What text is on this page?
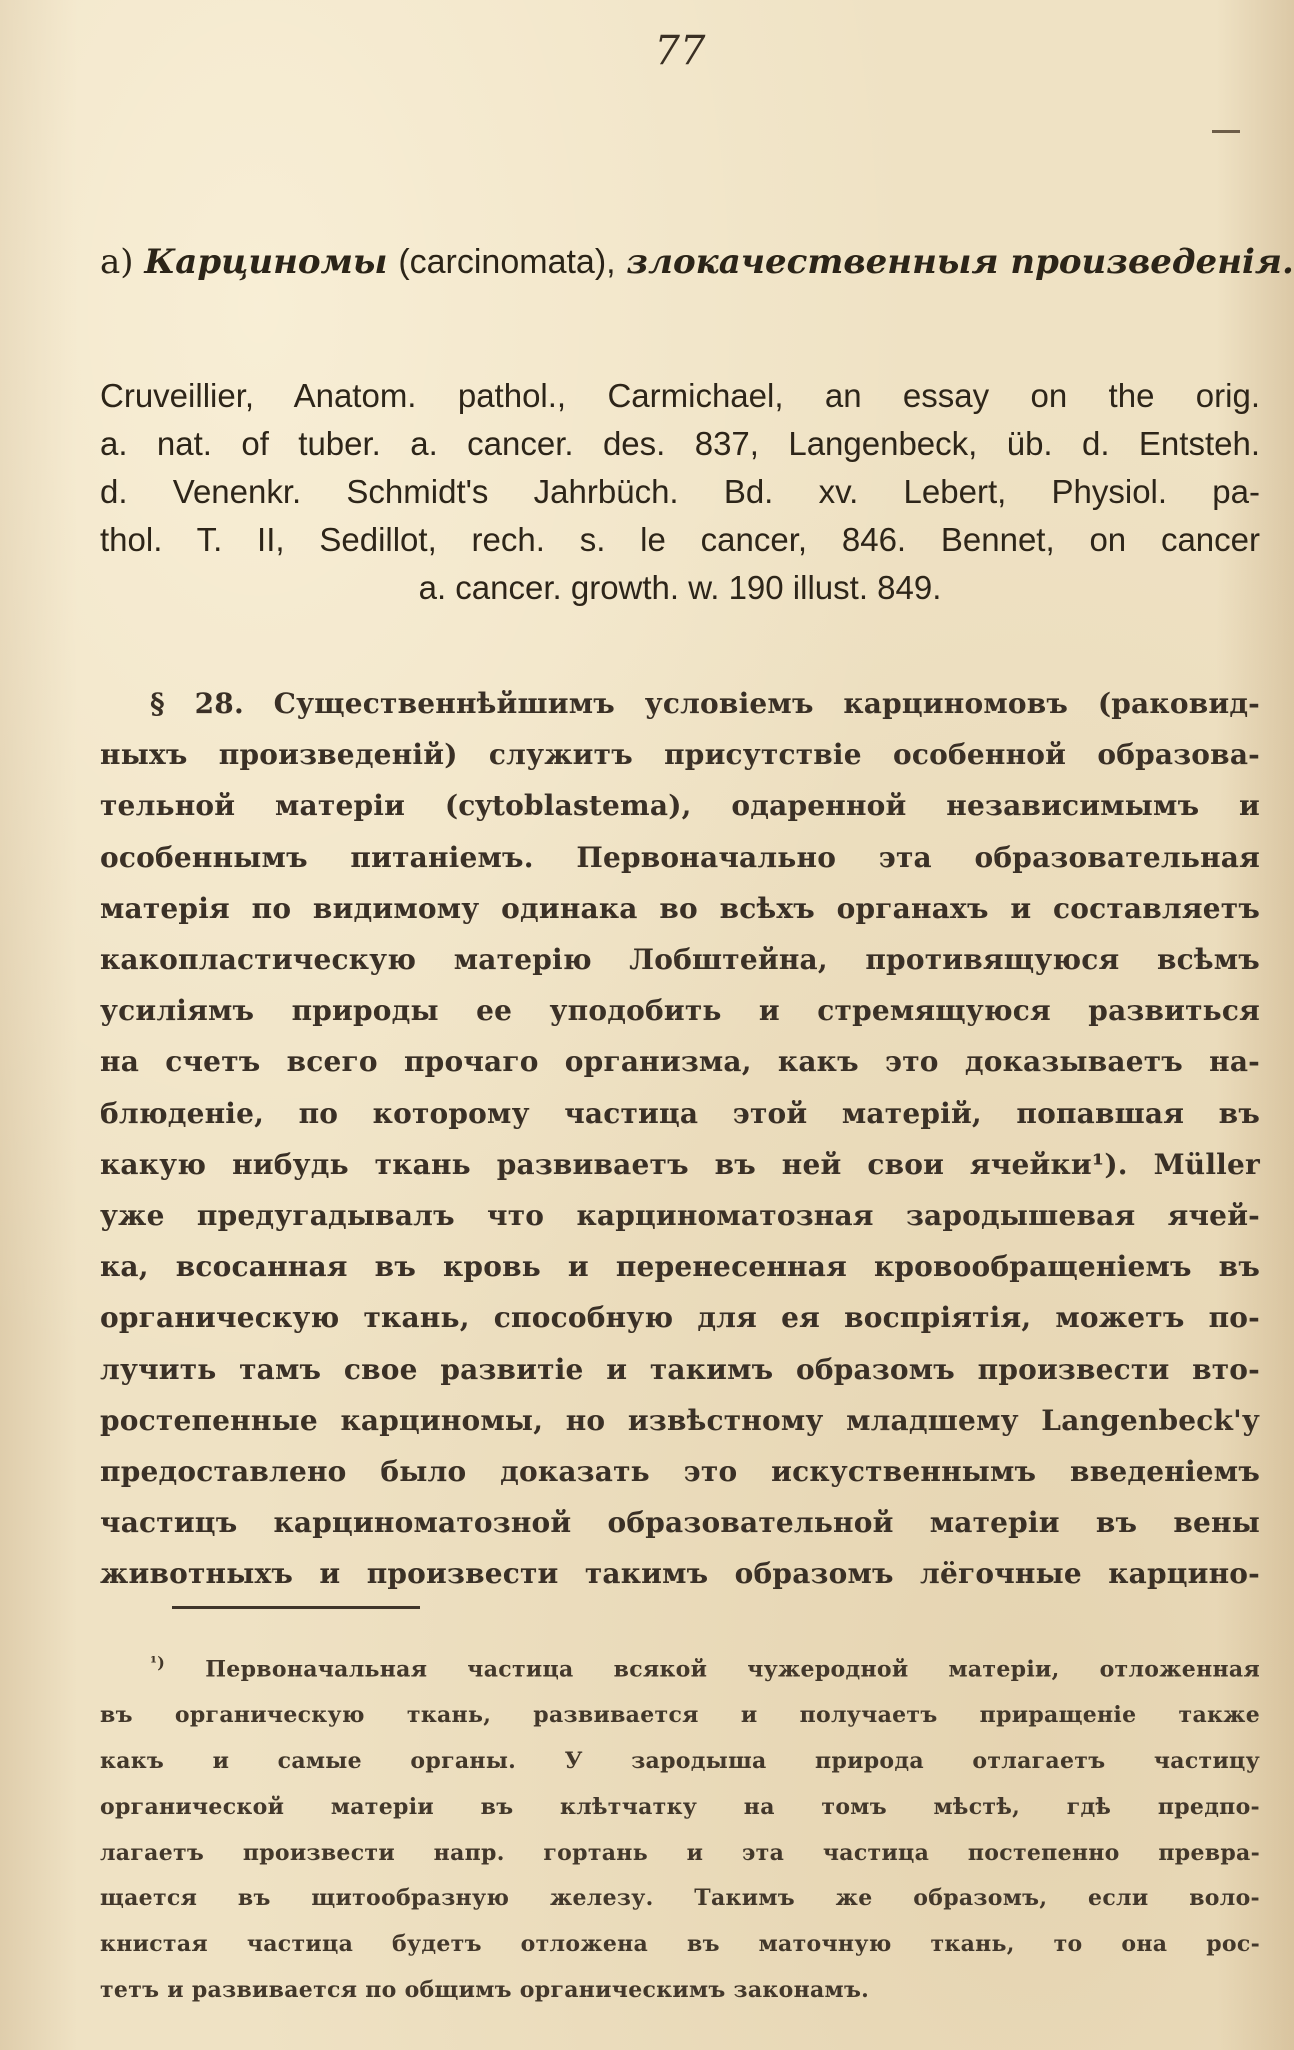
77
а) Карциномы (carcinomata), злокачественныя произведенія.
Cruveillier, Anatom. pathol., Carmichael, an essay on the orig.
a. nat. of tuber. a. cancer. des. 837, Langenbeck, üb. d. Entsteh.
d. Venenkr. Schmidt's Jahrbüch. Bd. xv. Lebert, Physiol. pa-
thol. T. II, Sedillot, rech. s. le cancer, 846. Bennet, on cancer
a. cancer. growth. w. 190 illust. 849.
§ 28. Существеннѣйшимъ условіемъ карциномовъ (раковид-
ныхъ произведеній) служитъ присутствіе особенной образова-
тельной матеріи (cytoblastema), одаренной независимымъ и
особеннымъ питаніемъ. Первоначально эта образовательная
матерія по видимому одинака во всѣхъ органахъ и составляетъ
какопластическую матерію Лобштейна, противящуюся всѣмъ
усиліямъ природы ее уподобить и стремящуюся развиться
на счетъ всего прочаго организма, какъ это доказываетъ на-
блюденіе, по которому частица этой матерій, попавшая въ
какую нибудь ткань развиваетъ въ ней свои ячейки¹). Müller
уже предугадывалъ что карциноматозная зародышевая ячей-
ка, всосанная въ кровь и перенесенная кровообращеніемъ въ
органическую ткань, способную для ея воспріятія, можетъ по-
лучить тамъ свое развитіе и такимъ образомъ произвести вто-
ростепенные карциномы, но извѣстному младшему Langenbeck'у
предоставлено было доказать это искуственнымъ введеніемъ
частицъ карциноматозной образовательной матеріи въ вены
животныхъ и произвести такимъ образомъ лёгочные карцино-
$^{^1)}$ Первоначальная частица всякой чужеродной матеріи, отложенная
въ органическую ткань, развивается и получаетъ приращеніе также
какъ и самые органы. У зародыша природа отлагаетъ частицу
органической матеріи въ клѣтчатку на томъ мѣстѣ, гдѣ предпо-
лагаетъ произвести напр. гортань и эта частица постепенно превра-
щается въ щитообразную железу. Такимъ же образомъ, если воло-
книстая частица будетъ отложена въ маточную ткань, то она рос-
тетъ и развивается по общимъ органическимъ законамъ.
